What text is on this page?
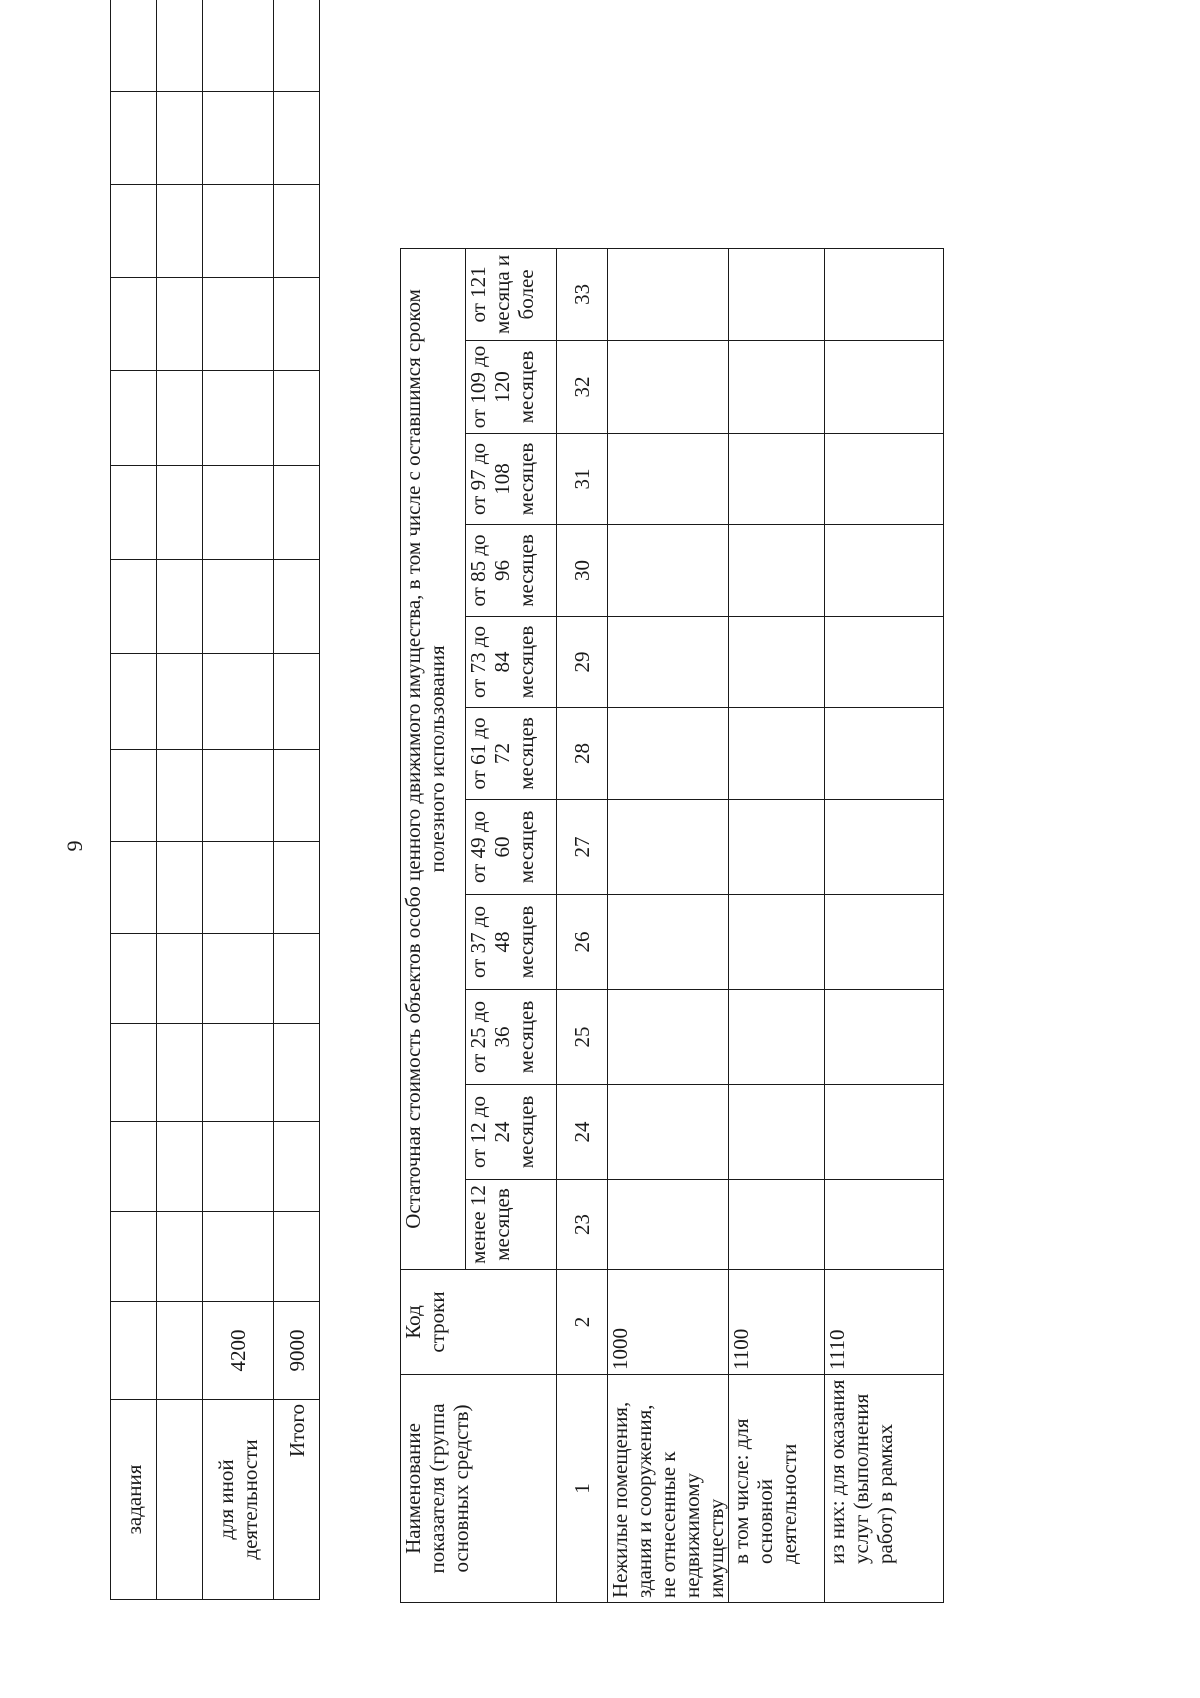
9
задания															

для иной деятельности	4200														
Итого	9000														
Наименование показателя (группа основных средств)	Код строки	Остаточная стоимость объектов особо ценного движимого имущества, в том числе с оставшимся сроком полезного использования											
		менее 12 месяцев	от 12 до 24 месяцев	от 25 до 36 месяцев	от 37 до 48 месяцев	от 49 до 60 месяцев	от 61 до 72 месяцев	от 73 до 84 месяцев	от 85 до 96 месяцев	от 97 до 108 месяцев	от 109 до 120 месяцев	от 121 месяца и более	
1	2	23	24	25	26	27	28	29	30	31	32	33	
Нежилые помещения, здания и сооружения, не отнесенные к недвижимому имуществу	1000												
в том числе: для основной деятельности	1100												
из них: для оказания услуг (выполнения работ) в рамках	1110												
